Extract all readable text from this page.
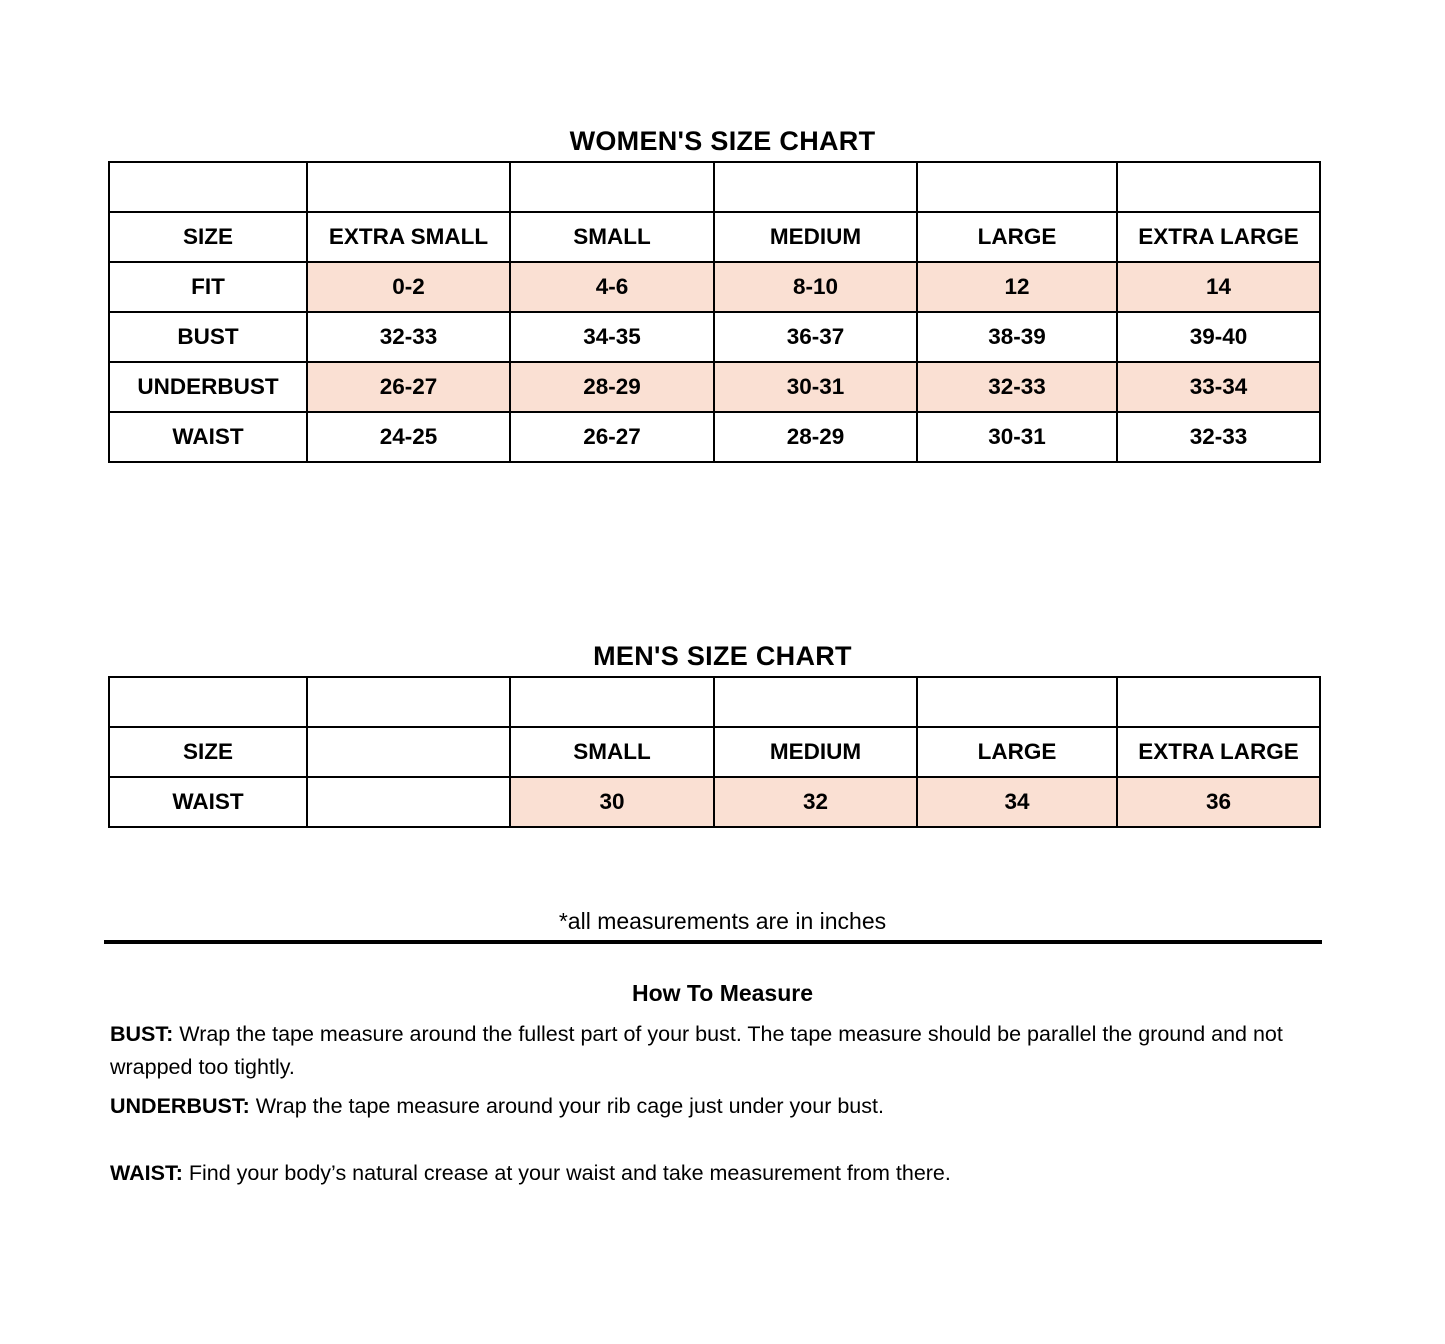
WOMEN'S SIZE CHART

SIZE	EXTRA SMALL	SMALL	MEDIUM	LARGE	EXTRA LARGE
FIT	0-2	4-6	8-10	12	14
BUST	32-33	34-35	36-37	38-39	39-40
UNDERBUST	26-27	28-29	30-31	32-33	33-34
WAIST	24-25	26-27	28-29	30-31	32-33
MEN'S SIZE CHART

SIZE		SMALL	MEDIUM	LARGE	EXTRA LARGE
WAIST		30	32	34	36
*all measurements are in inches
How To Measure
BUST: Wrap the tape measure around the fullest part of your bust. The tape measure should be parallel the ground and not wrapped too tightly.
UNDERBUST: Wrap the tape measure around your rib cage just under your bust.
WAIST: Find your body’s natural crease at your waist and take measurement from there.
